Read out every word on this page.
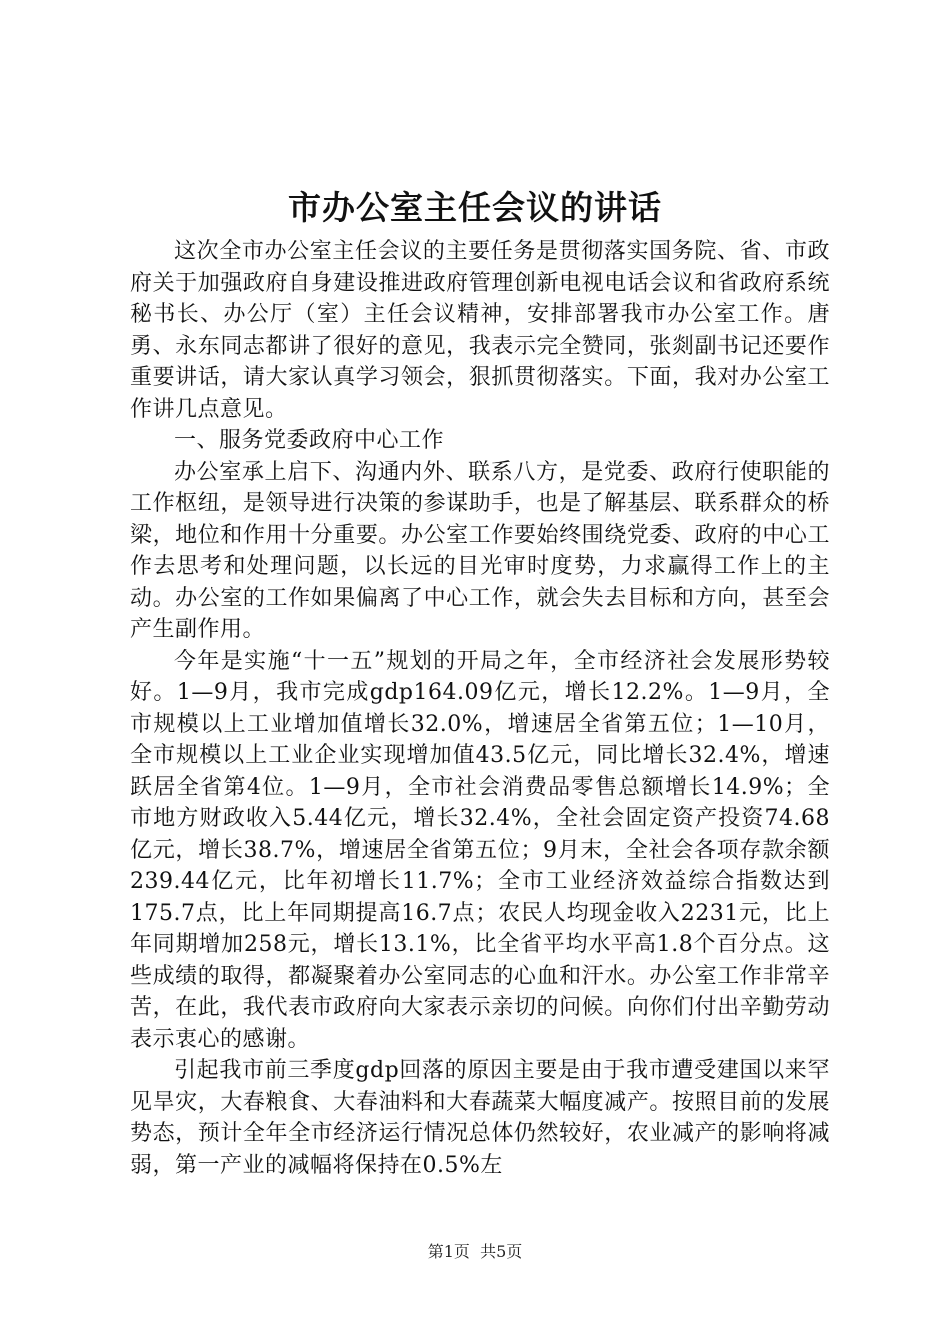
市办公室主任会议的讲话

这次全市办公室主任会议的主要任务是贯彻落实国务院、省、市政府关于加强政府自身建设推进政府管理创新电视电话会议和省政府系统秘书长、办公厅（室）主任会议精神，安排部署我市办公室工作。唐勇、永东同志都讲了很好的意见，我表示完全赞同，张剡副书记还要作重要讲话，请大家认真学习领会，狠抓贯彻落实。下面，我对办公室工作讲几点意见。

一、服务党委政府中心工作

办公室承上启下、沟通内外、联系八方，是党委、政府行使职能的工作枢纽，是领导进行决策的参谋助手，也是了解基层、联系群众的桥梁，地位和作用十分重要。办公室工作要始终围绕党委、政府的中心工作去思考和处理问题，以长远的目光审时度势，力求赢得工作上的主动。办公室的工作如果偏离了中心工作，就会失去目标和方向，甚至会产生副作用。

今年是实施“十一五”规划的开局之年，全市经济社会发展形势较好。1—9月，我市完成gdp164.09亿元，增长12.2%。1—9月，全市规模以上工业增加值增长32.0%，增速居全省第五位；1—10月，全市规模以上工业企业实现增加值43.5亿元，同比增长32.4%，增速跃居全省第4位。1—9月，全市社会消费品零售总额增长14.9%；全市地方财政收入5.44亿元，增长32.4%，全社会固定资产投资74.68亿元，增长38.7%，增速居全省第五位；9月末，全社会各项存款余额239.44亿元，比年初增长11.7%；全市工业经济效益综合指数达到175.7点，比上年同期提高16.7点；农民人均现金收入2231元，比上年同期增加258元，增长13.1%，比全省平均水平高1.8个百分点。这些成绩的取得，都凝聚着办公室同志的心血和汗水。办公室工作非常辛苦，在此，我代表市政府向大家表示亲切的问候。向你们付出辛勤劳动表示衷心的感谢。

引起我市前三季度gdp回落的原因主要是由于我市遭受建国以来罕见旱灾，大春粮食、大春油料和大春蔬菜大幅度减产。按照目前的发展势态，预计全年全市经济运行情况总体仍然较好，农业减产的影响将减弱，第一产业的减幅将保持在0.5%左

第1页  共5页
